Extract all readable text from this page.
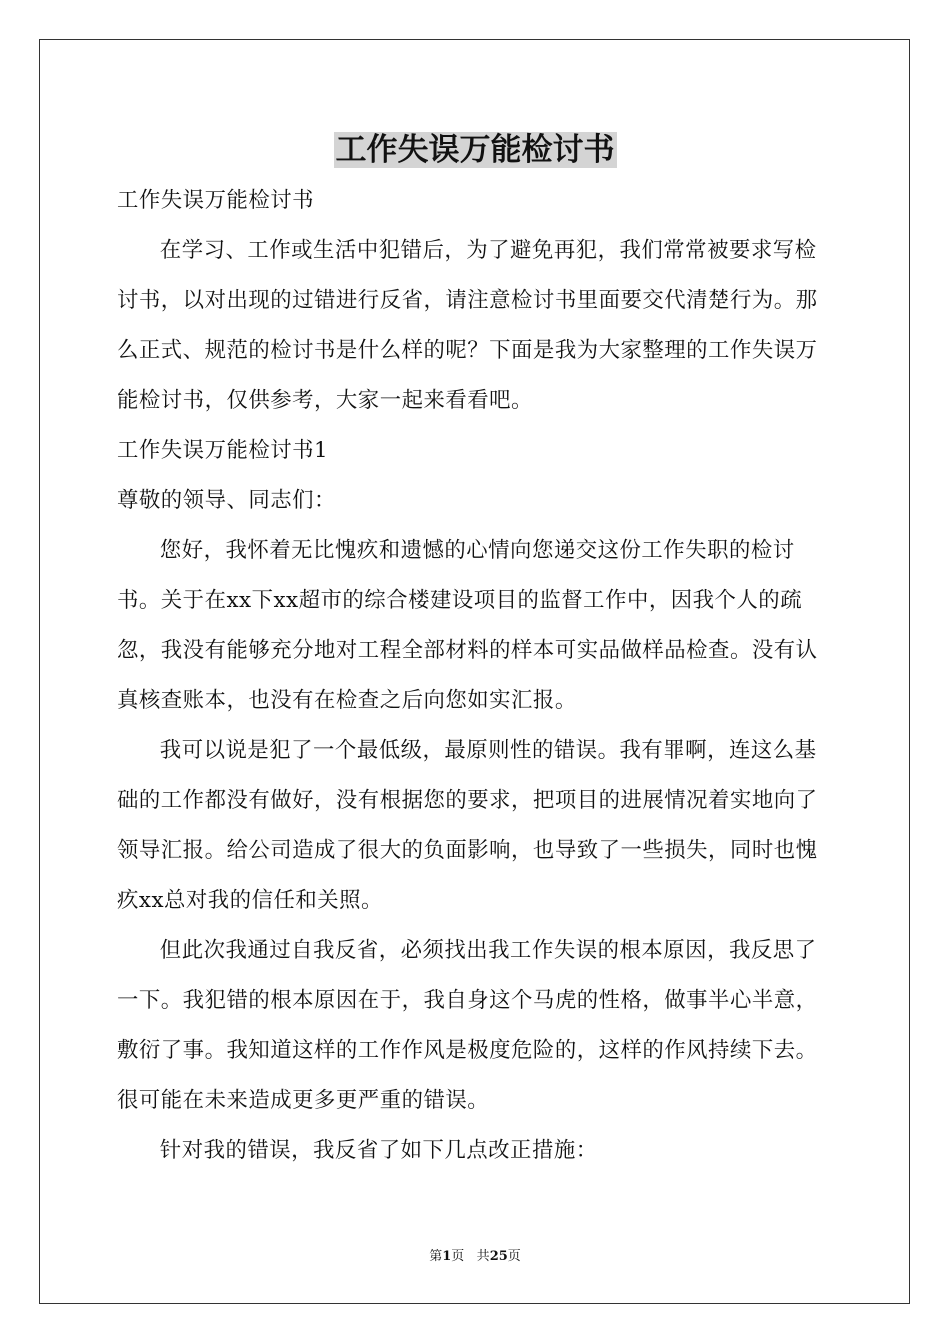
工作失误万能检讨书

工作失误万能检讨书

在学习、工作或生活中犯错后，为了避免再犯，我们常常被要求写检讨书，以对出现的过错进行反省，请注意检讨书里面要交代清楚行为。那么正式、规范的检讨书是什么样的呢？下面是我为大家整理的工作失误万能检讨书，仅供参考，大家一起来看看吧。

工作失误万能检讨书1

尊敬的领导、同志们：

您好，我怀着无比愧疚和遗憾的心情向您递交这份工作失职的检讨书。关于在xx下xx超市的综合楼建设项目的监督工作中，因我个人的疏忽，我没有能够充分地对工程全部材料的样本可实品做样品检查。没有认真核查账本，也没有在检查之后向您如实汇报。

我可以说是犯了一个最低级，最原则性的错误。我有罪啊，连这么基础的工作都没有做好，没有根据您的要求，把项目的进展情况着实地向了领导汇报。给公司造成了很大的负面影响，也导致了一些损失，同时也愧疚xx总对我的信任和关照。

但此次我通过自我反省，必须找出我工作失误的根本原因，我反思了一下。我犯错的根本原因在于，我自身这个马虎的性格，做事半心半意，敷衍了事。我知道这样的工作作风是极度危险的，这样的作风持续下去。很可能在未来造成更多更严重的错误。

针对我的错误，我反省了如下几点改正措施：

第1页 共25页
